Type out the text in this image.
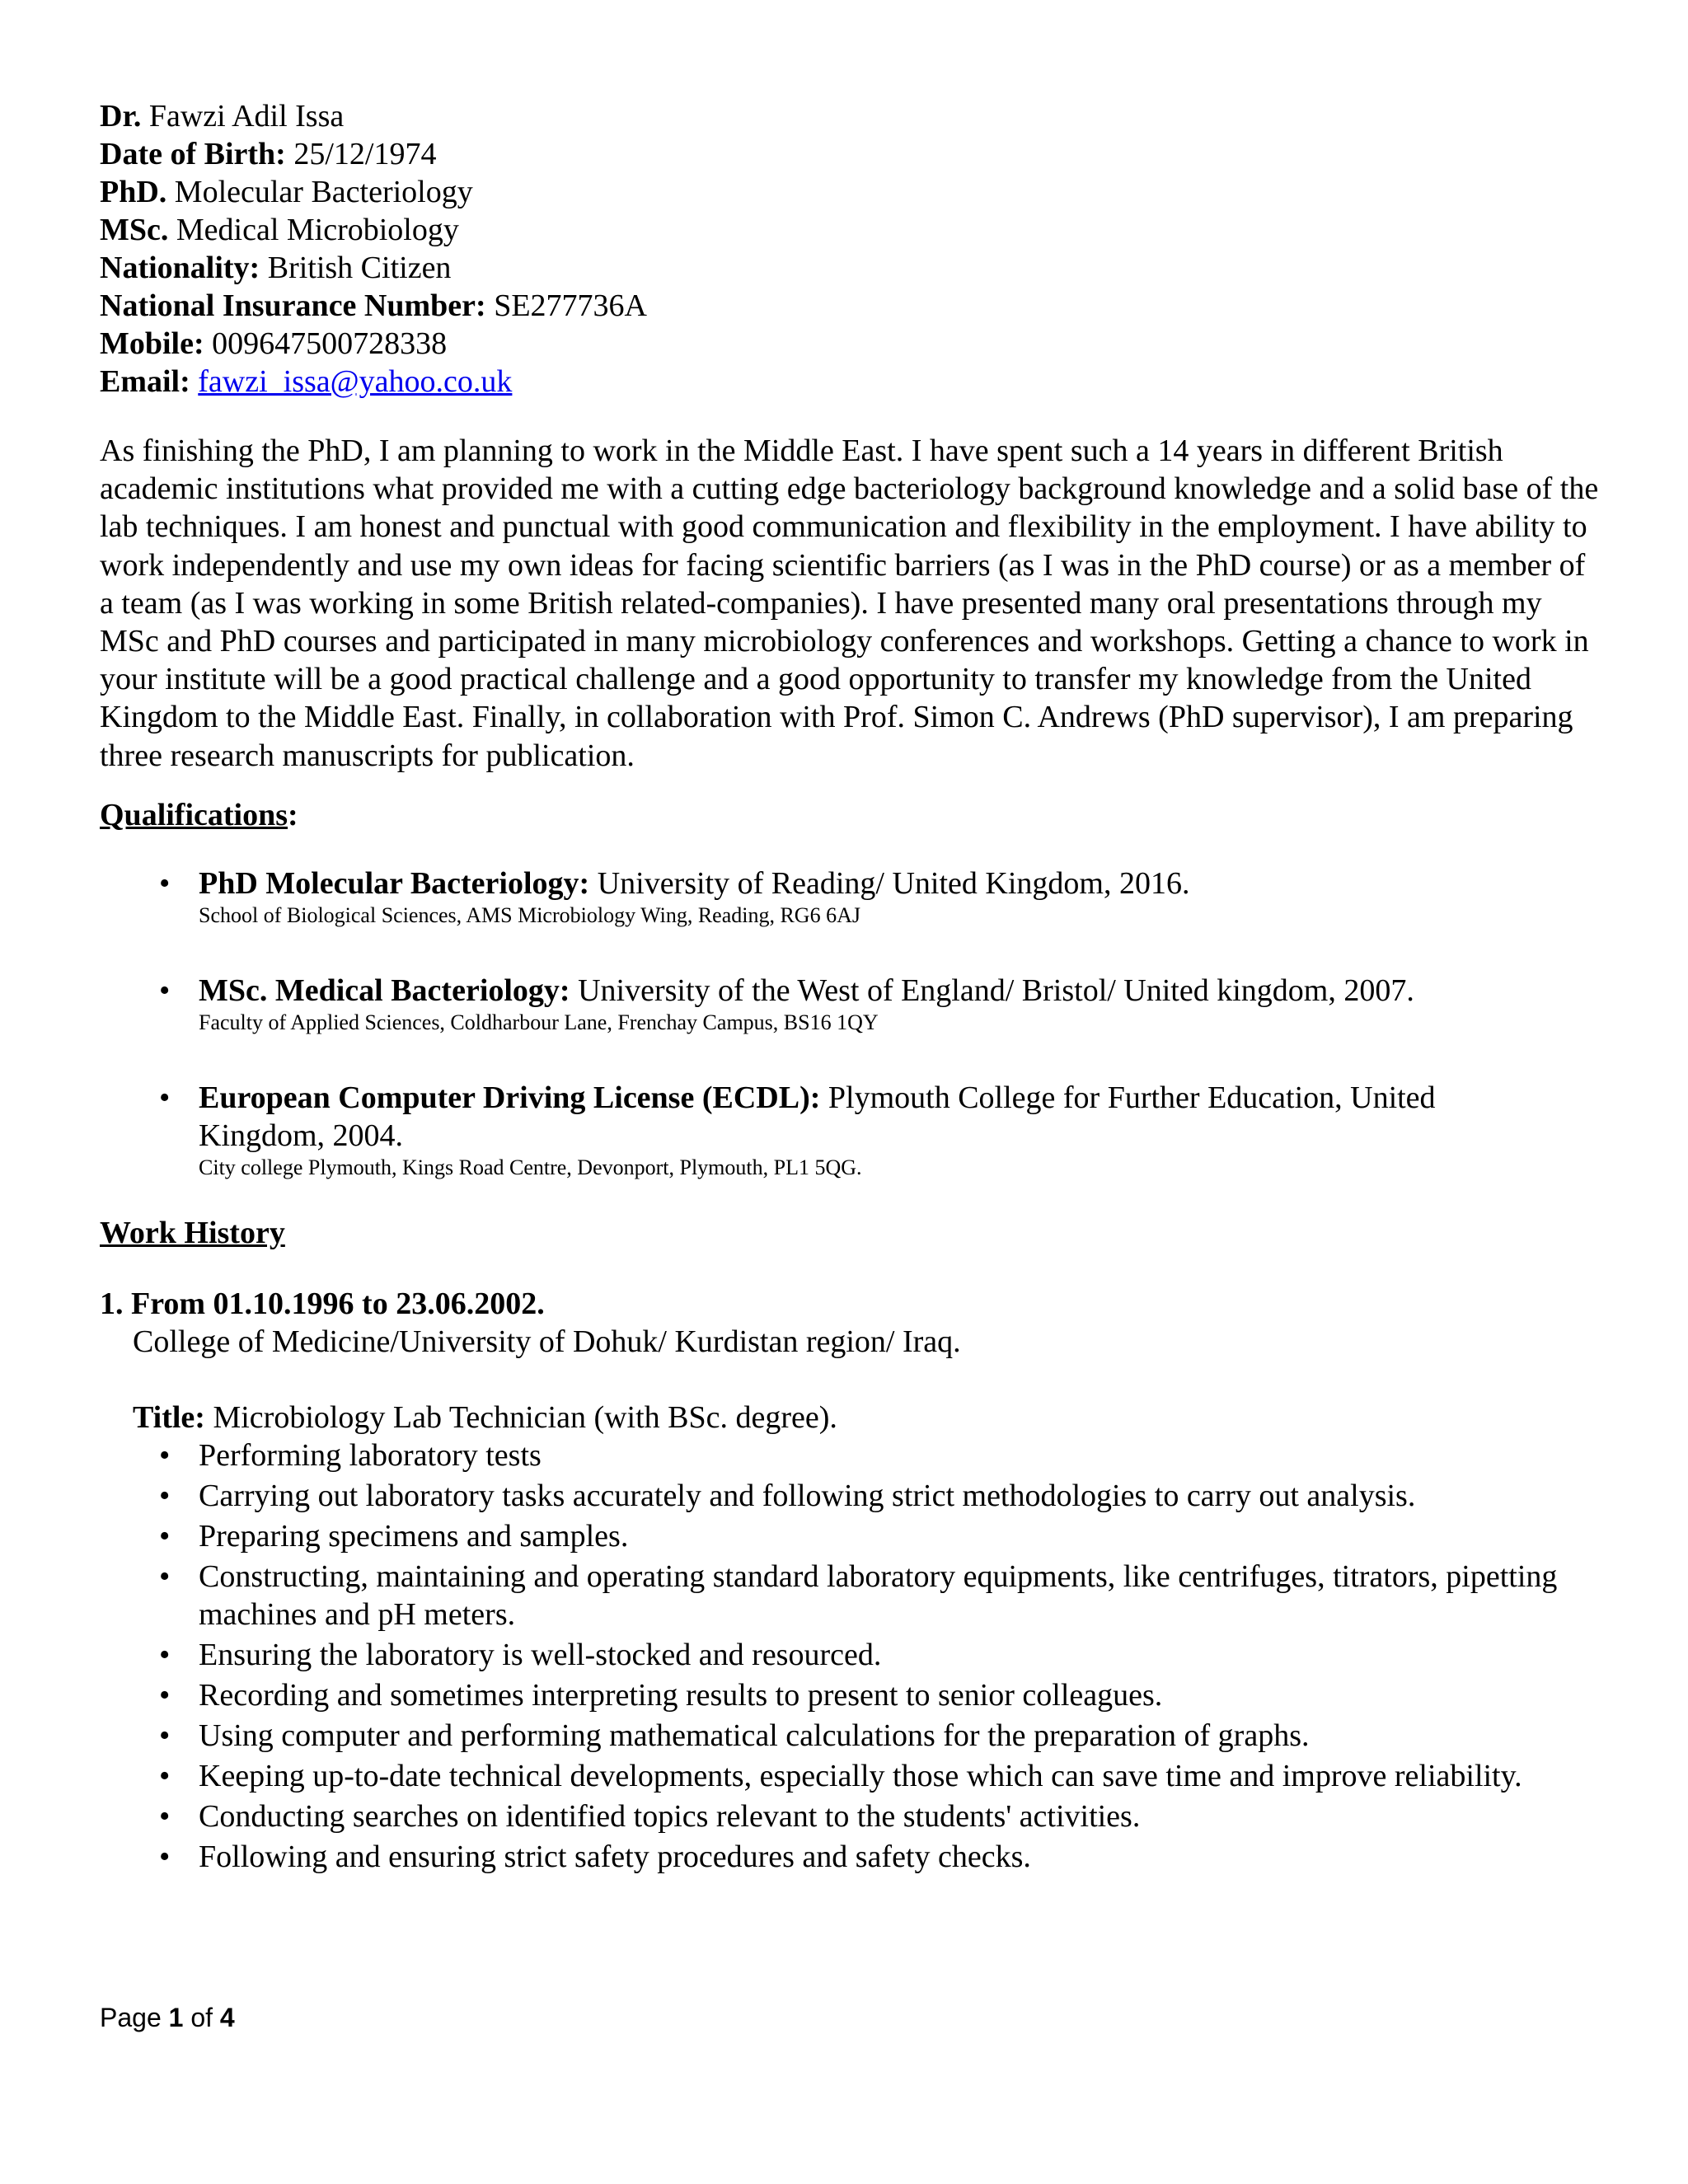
Dr. Fawzi Adil Issa
Date of Birth: 25/12/1974
PhD. Molecular Bacteriology
MSc. Medical Microbiology
Nationality: British Citizen
National Insurance Number: SE277736A
Mobile: 009647500728338
Email: fawzi_issa@yahoo.co.uk
As finishing the PhD, I am planning to work in the Middle East. I have spent such a 14 years in different British academic institutions what provided me with a cutting edge bacteriology background knowledge and a solid base of the lab techniques. I am honest and punctual with good communication and flexibility in the employment. I have ability to work independently and use my own ideas for facing scientific barriers (as I was in the PhD course) or as a member of a team (as I was working in some British related-companies). I have presented many oral presentations through my MSc and PhD courses and participated in many microbiology conferences and workshops. Getting a chance to work in your institute will be a good practical challenge and a good opportunity to transfer my knowledge from the United Kingdom to the Middle East. Finally, in collaboration with Prof. Simon C. Andrews (PhD supervisor), I am preparing three research manuscripts for publication.
Qualifications:
• PhD Molecular Bacteriology: University of Reading/ United Kingdom, 2016.
School of Biological Sciences, AMS Microbiology Wing, Reading, RG6 6AJ
• MSc. Medical Bacteriology: University of the West of England/ Bristol/ United kingdom, 2007.
Faculty of Applied Sciences, Coldharbour Lane, Frenchay Campus, BS16 1QY
• European Computer Driving License (ECDL): Plymouth College for Further Education, United Kingdom, 2004.
City college Plymouth, Kings Road Centre, Devonport, Plymouth, PL1 5QG.
Work History
1. From 01.10.1996 to 23.06.2002.
College of Medicine/University of Dohuk/ Kurdistan region/ Iraq.
Title: Microbiology Lab Technician (with BSc. degree).
• Performing laboratory tests
• Carrying out laboratory tasks accurately and following strict methodologies to carry out analysis.
• Preparing specimens and samples.
• Constructing, maintaining and operating standard laboratory equipments, like centrifuges, titrators, pipetting machines and pH meters.
• Ensuring the laboratory is well-stocked and resourced.
• Recording and sometimes interpreting results to present to senior colleagues.
• Using computer and performing mathematical calculations for the preparation of graphs.
• Keeping up-to-date technical developments, especially those which can save time and improve reliability.
• Conducting searches on identified topics relevant to the students' activities.
• Following and ensuring strict safety procedures and safety checks.
Page 1 of 4
